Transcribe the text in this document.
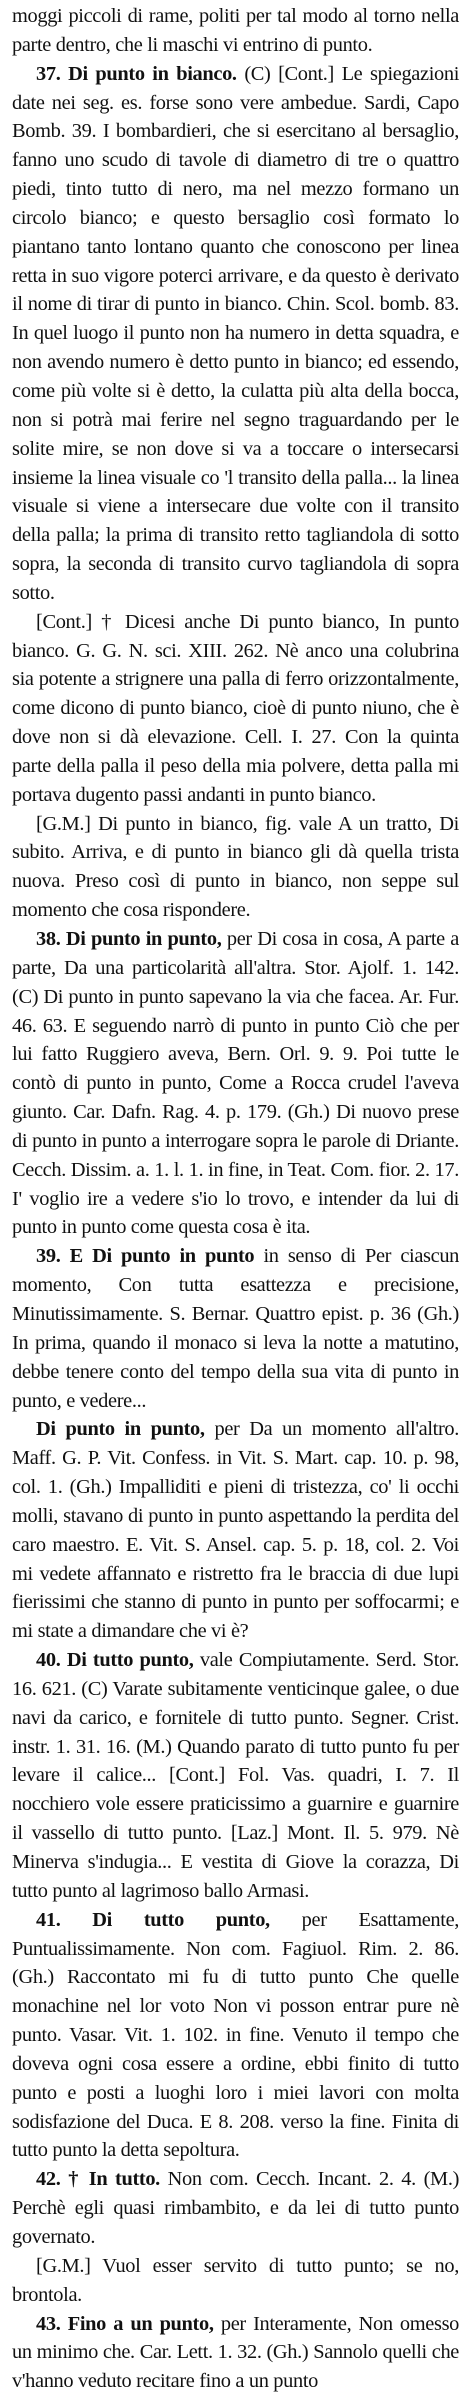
moggi piccoli di rame, politi per tal modo al torno nella parte dentro, che li maschi vi entrino di punto.

37. Di punto in bianco. (C) [Cont.] Le spiegazioni date nei seg. es. forse sono vere ambedue. Sardi, Capo Bomb. 39. I bombardieri, che si esercitano al bersaglio, fanno uno scudo di tavole di diametro di tre o quattro piedi, tinto tutto di nero, ma nel mezzo formano un circolo bianco; e questo bersaglio così formato lo piantano tanto lontano quanto che conoscono per linea retta in suo vigore poterci arrivare, e da questo è derivato il nome di tirar di punto in bianco. Chin. Scol. bomb. 83. In quel luogo il punto non ha numero in detta squadra, e non avendo numero è detto punto in bianco; ed essendo, come più volte si è detto, la culatta più alta della bocca, non si potrà mai ferire nel segno traguardando per le solite mire, se non dove si va a toccare o intersecarsi insieme la linea visuale co 'l transito della palla... la linea visuale si viene a intersecare due volte con il transito della palla; la prima di transito retto tagliandola di sotto sopra, la seconda di transito curvo tagliandola di sopra sotto.

[Cont.] † Dicesi anche Di punto bianco, In punto bianco. G. G. N. sci. XIII. 262. Nè anco una colubrina sia potente a strignere una palla di ferro orizzontalmente, come dicono di punto bianco, cioè di punto niuno, che è dove non si dà elevazione. Cell. I. 27. Con la quinta parte della palla il peso della mia polvere, detta palla mi portava dugento passi andanti in punto bianco.

[G.M.] Di punto in bianco, fig. vale A un tratto, Di subito. Arriva, e di punto in bianco gli dà quella trista nuova. Preso così di punto in bianco, non seppe sul momento che cosa rispondere.

38. Di punto in punto, per Di cosa in cosa, A parte a parte, Da una particolarità all'altra. Stor. Ajolf. 1. 142. (C) Di punto in punto sapevano la via che facea. Ar. Fur. 46. 63. E seguendo narrò di punto in punto Ciò che per lui fatto Ruggiero aveva, Bern. Orl. 9. 9. Poi tutte le contò di punto in punto, Come a Rocca crudel l'aveva giunto. Car. Dafn. Rag. 4. p. 179. (Gh.) Di nuovo prese di punto in punto a interrogare sopra le parole di Driante. Cecch. Dissim. a. 1. l. 1. in fine, in Teat. Com. fior. 2. 17. I' voglio ire a vedere s'io lo trovo, e intender da lui di punto in punto come questa cosa è ita.

39. E Di punto in punto in senso di Per ciascun momento, Con tutta esattezza e precisione, Minutissimamente. S. Bernar. Quattro epist. p. 36 (Gh.) In prima, quando il monaco si leva la notte a matutino, debbe tenere conto del tempo della sua vita di punto in punto, e vedere...

Di punto in punto, per Da un momento all'altro. Maff. G. P. Vit. Confess. in Vit. S. Mart. cap. 10. p. 98, col. 1. (Gh.) Impalliditi e pieni di tristezza, co' li occhi molli, stavano di punto in punto aspettando la perdita del caro maestro. E. Vit. S. Ansel. cap. 5. p. 18, col. 2. Voi mi vedete affannato e ristretto fra le braccia di due lupi fierissimi che stanno di punto in punto per soffocarmi; e mi state a dimandare che vi è?

40. Di tutto punto, vale Compiutamente. Serd. Stor. 16. 621. (C) Varate subitamente venticinque galee, o due navi da carico, e fornitele di tutto punto. Segner. Crist. instr. 1. 31. 16. (M.) Quando parato di tutto punto fu per levare il calice... [Cont.] Fol. Vas. quadri, I. 7. Il nocchiero vole essere praticissimo a guarnire e guarnire il vassello di tutto punto. [Laz.] Mont. Il. 5. 979. Nè Minerva s'indugia... E vestita di Giove la corazza, Di tutto punto al lagrimoso ballo Armasi.

41. Di tutto punto, per Esattamente, Puntualissimamente. Non com. Fagiuol. Rim. 2. 86. (Gh.) Raccontato mi fu di tutto punto Che quelle monachine nel lor voto Non vi posson entrar pure nè punto. Vasar. Vit. 1. 102. in fine. Venuto il tempo che doveva ogni cosa essere a ordine, ebbi finito di tutto punto e posti a luoghi loro i miei lavori con molta sodisfazione del Duca. E 8. 208. verso la fine. Finita di tutto punto la detta sepoltura.

42. † In tutto. Non com. Cecch. Incant. 2. 4. (M.) Perchè egli quasi rimbambito, e da lei di tutto punto governato.

[G.M.] Vuol esser servito di tutto punto; se no, brontola.

43. Fino a un punto, per Interamente, Non omesso un minimo che. Car. Lett. 1. 32. (Gh.) Sannolo quelli che v'hanno veduto recitare fino a un punto
